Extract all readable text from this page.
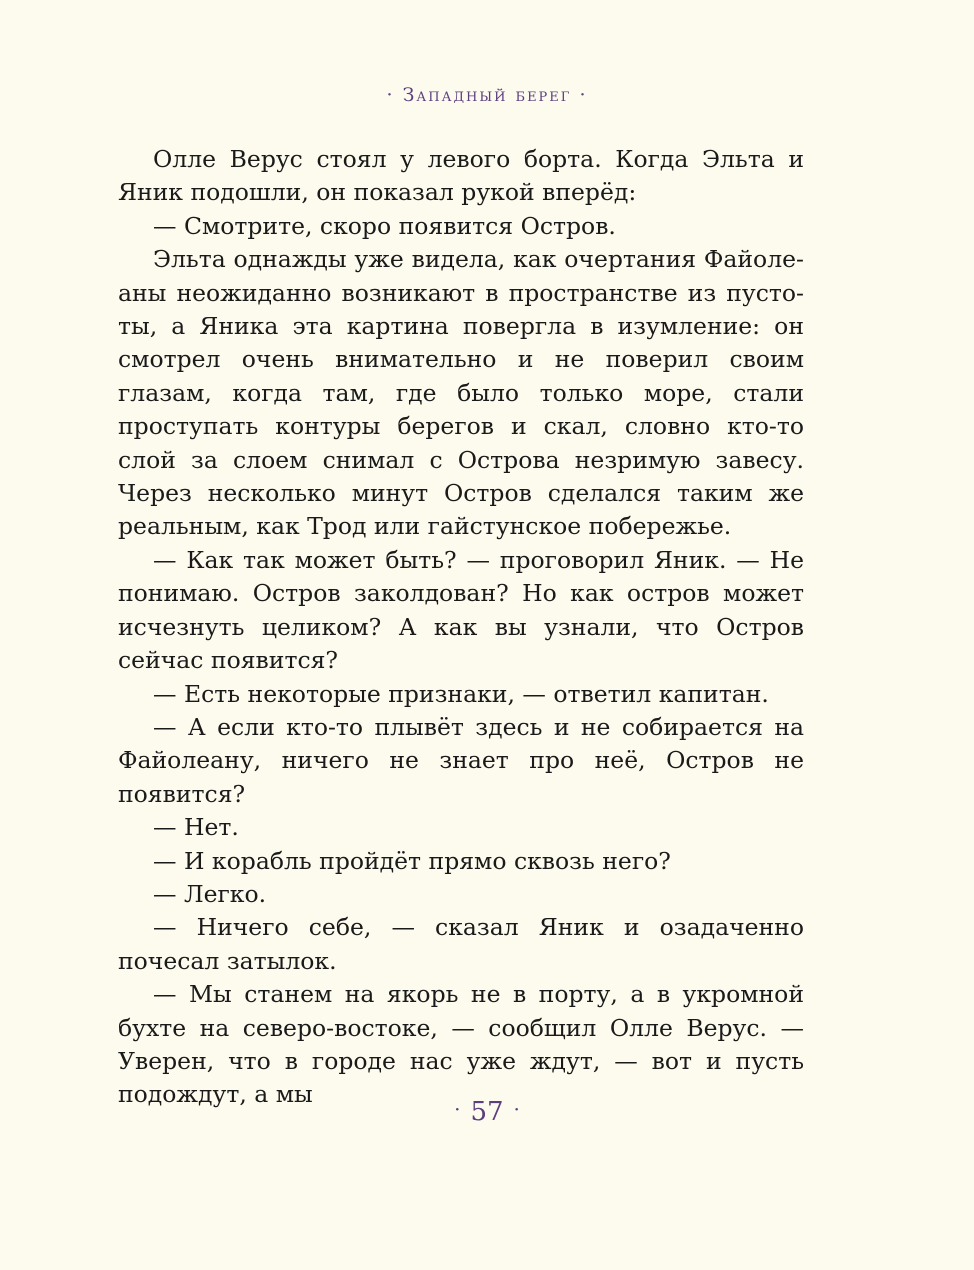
· Западный берег ·

Олле Верус стоял у левого борта. Когда Эльта и Яник подошли, он показал рукой вперёд:

— Смотрите, скоро появится Остров.

Эльта однажды уже видела, как очертания Файолеаны неожиданно возникают в пространстве из пустоты, а Яника эта картина повергла в изумление: он смотрел очень внимательно и не поверил своим глазам, когда там, где было только море, стали проступать контуры берегов и скал, словно кто-то слой за слоем снимал с Острова незримую завесу. Через несколько минут Остров сделался таким же реальным, как Трод или гайстунское побережье.

— Как так может быть? — проговорил Яник. — Не понимаю. Остров заколдован? Но как остров может исчезнуть целиком? А как вы узнали, что Остров сейчас появится?

— Есть некоторые признаки, — ответил капитан.

— А если кто-то плывёт здесь и не собирается на Файолеану, ничего не знает про неё, Остров не появится?

— Нет.

— И корабль пройдёт прямо сквозь него?

— Легко.

— Ничего себе, — сказал Яник и озадаченно почесал затылок.

— Мы станем на якорь не в порту, а в укромной бухте на северо-востоке, — сообщил Олле Верус. — Уверен, что в городе нас уже ждут, — вот и пусть подождут, а мы

· 57 ·
